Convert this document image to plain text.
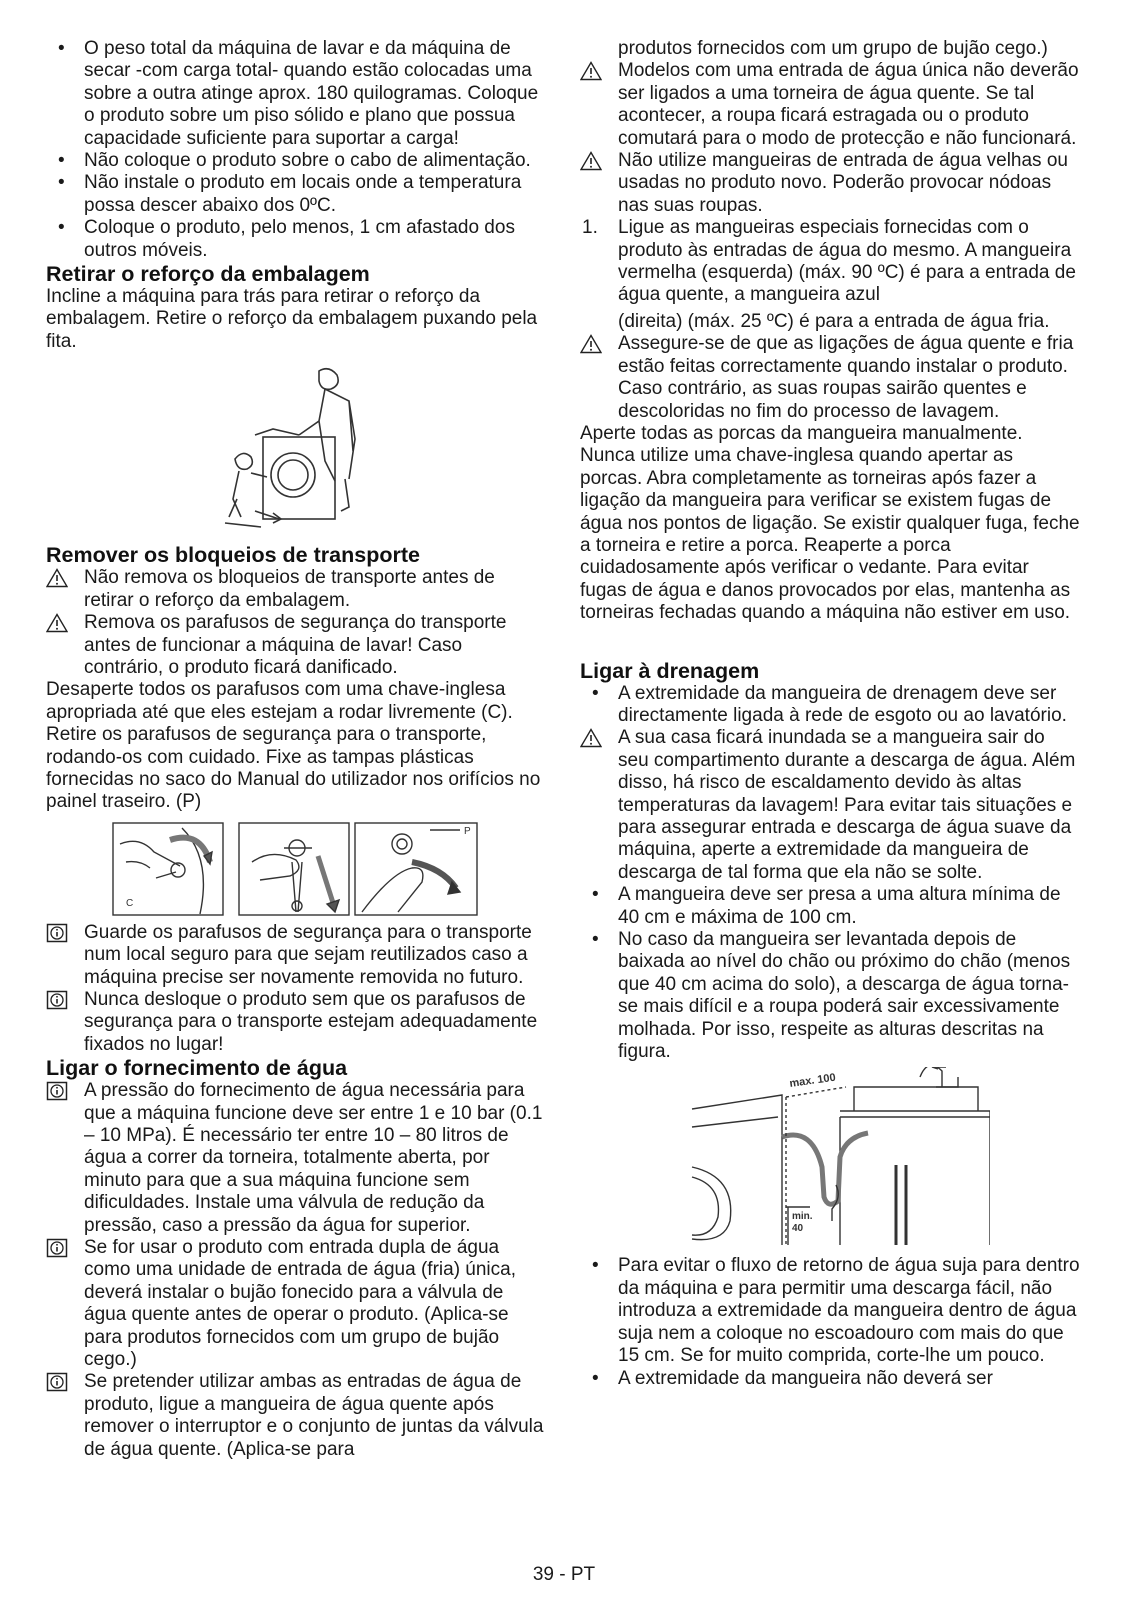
•	O peso total da máquina de lavar e da máquina de secar -com carga total- quando estão colocadas uma sobre a outra atinge aprox. 180 quilogramas. Coloque o produto sobre um piso sólido e plano que possua capacidade suficiente para suportar a carga!

•	Não coloque o produto sobre o cabo de alimentação.

•	Não instale o produto em locais onde a temperatura possa descer abaixo dos 0ºC.

•	Coloque o produto, pelo menos, 1 cm afastado dos outros móveis.

Retirar o reforço da embalagem

Incline a máquina para trás para retirar o reforço da embalagem. Retire o reforço da embalagem puxando pela fita.

Remover os bloqueios de transporte

Não remova os bloqueios de transporte antes de retirar o reforço da embalagem.

Remova os parafusos de segurança do transporte antes de funcionar a máquina de lavar! Caso contrário, o produto ficará danificado.

Desaperte todos os parafusos com uma chave-inglesa apropriada até que eles estejam a rodar livremente (C). Retire os parafusos de segurança para o transporte, rodando-os com cuidado. Fixe as tampas plásticas fornecidas no saco do Manual do utilizador nos orifícios no painel traseiro. (P)

C
P

Guarde os parafusos de segurança para o transporte num local seguro para que sejam reutilizados caso a máquina precise ser novamente removida no futuro.

Nunca desloque o produto sem que os parafusos de segurança para o transporte estejam adequadamente fixados no lugar!

Ligar o fornecimento de água

A pressão do fornecimento de água necessária para que a máquina funcione deve ser entre 1 e 10 bar (0.1 – 10 MPa). É necessário ter entre 10 – 80 litros de água a correr da torneira, totalmente aberta, por minuto para que a sua máquina funcione sem dificuldades. Instale uma válvula de redução da pressão, caso a pressão da água for superior.

Se for usar o produto com entrada dupla de água como uma unidade de entrada de água (fria) única, deverá instalar o bujão fonecido para a válvula de água quente antes de operar o produto. (Aplica-se para produtos fornecidos com um grupo de bujão cego.)

Se pretender utilizar ambas as entradas de água de produto, ligue a mangueira de água quente após remover o interruptor e o conjunto de juntas da válvula de água quente. (Aplica-se para

produtos fornecidos com um grupo de bujão cego.)

Modelos com uma entrada de água única não deverão ser ligados a uma torneira de água quente. Se tal acontecer, a roupa ficará estragada ou o produto comutará para o modo de protecção e não funcionará.

Não utilize mangueiras de entrada de água velhas ou usadas no produto novo. Poderão provocar nódoas nas suas roupas.

1.	Ligue as mangueiras especiais fornecidas com o produto às entradas de água do mesmo. A mangueira vermelha (esquerda) (máx. 90 ºC) é para a entrada de água quente, a mangueira azul

(direita) (máx. 25 ºC) é para a entrada de água fria.

Assegure-se de que as ligações de água quente e fria estão feitas correctamente quando instalar o produto. Caso contrário, as suas roupas sairão quentes e descoloridas no fim do processo de lavagem.

Aperte todas as porcas da mangueira manualmente. Nunca utilize uma chave-inglesa quando apertar as porcas. Abra completamente as torneiras após fazer a ligação da mangueira para verificar se existem fugas de água nos pontos de ligação. Se existir qualquer fuga, feche a torneira e retire a porca. Reaperte a porca cuidadosamente após verificar o vedante. Para evitar fugas de água e danos provocados por elas, mantenha as torneiras fechadas quando a máquina não estiver em uso.

Ligar à drenagem

•	A extremidade da mangueira de drenagem deve ser directamente ligada à rede de esgoto ou ao lavatório.

A sua casa ficará inundada se a mangueira sair do seu compartimento durante a descarga de água. Além disso, há risco de escaldamento devido às altas temperaturas da lavagem! Para evitar tais situações e para assegurar entrada e descarga de água suave da máquina, aperte a extremidade da mangueira de descarga de tal forma que ela não se solte.

•	A mangueira deve ser presa a uma altura mínima de 40 cm e máxima de 100 cm.

•	No caso da mangueira ser levantada depois de baixada ao nível do chão ou próximo do chão (menos que 40 cm acima do solo), a descarga de água torna-se mais difícil e a roupa poderá sair excessivamente molhada. Por isso, respeite as alturas descritas na figura.

max. 100
min.
40

•	Para evitar o fluxo de retorno de água suja para dentro da máquina e para permitir uma descarga fácil, não introduza a extremidade da mangueira dentro de água suja nem a coloque no escoadouro com mais do que 15 cm. Se for muito comprida, corte-lhe um pouco.

•	A extremidade da mangueira não deverá ser

39 - PT
